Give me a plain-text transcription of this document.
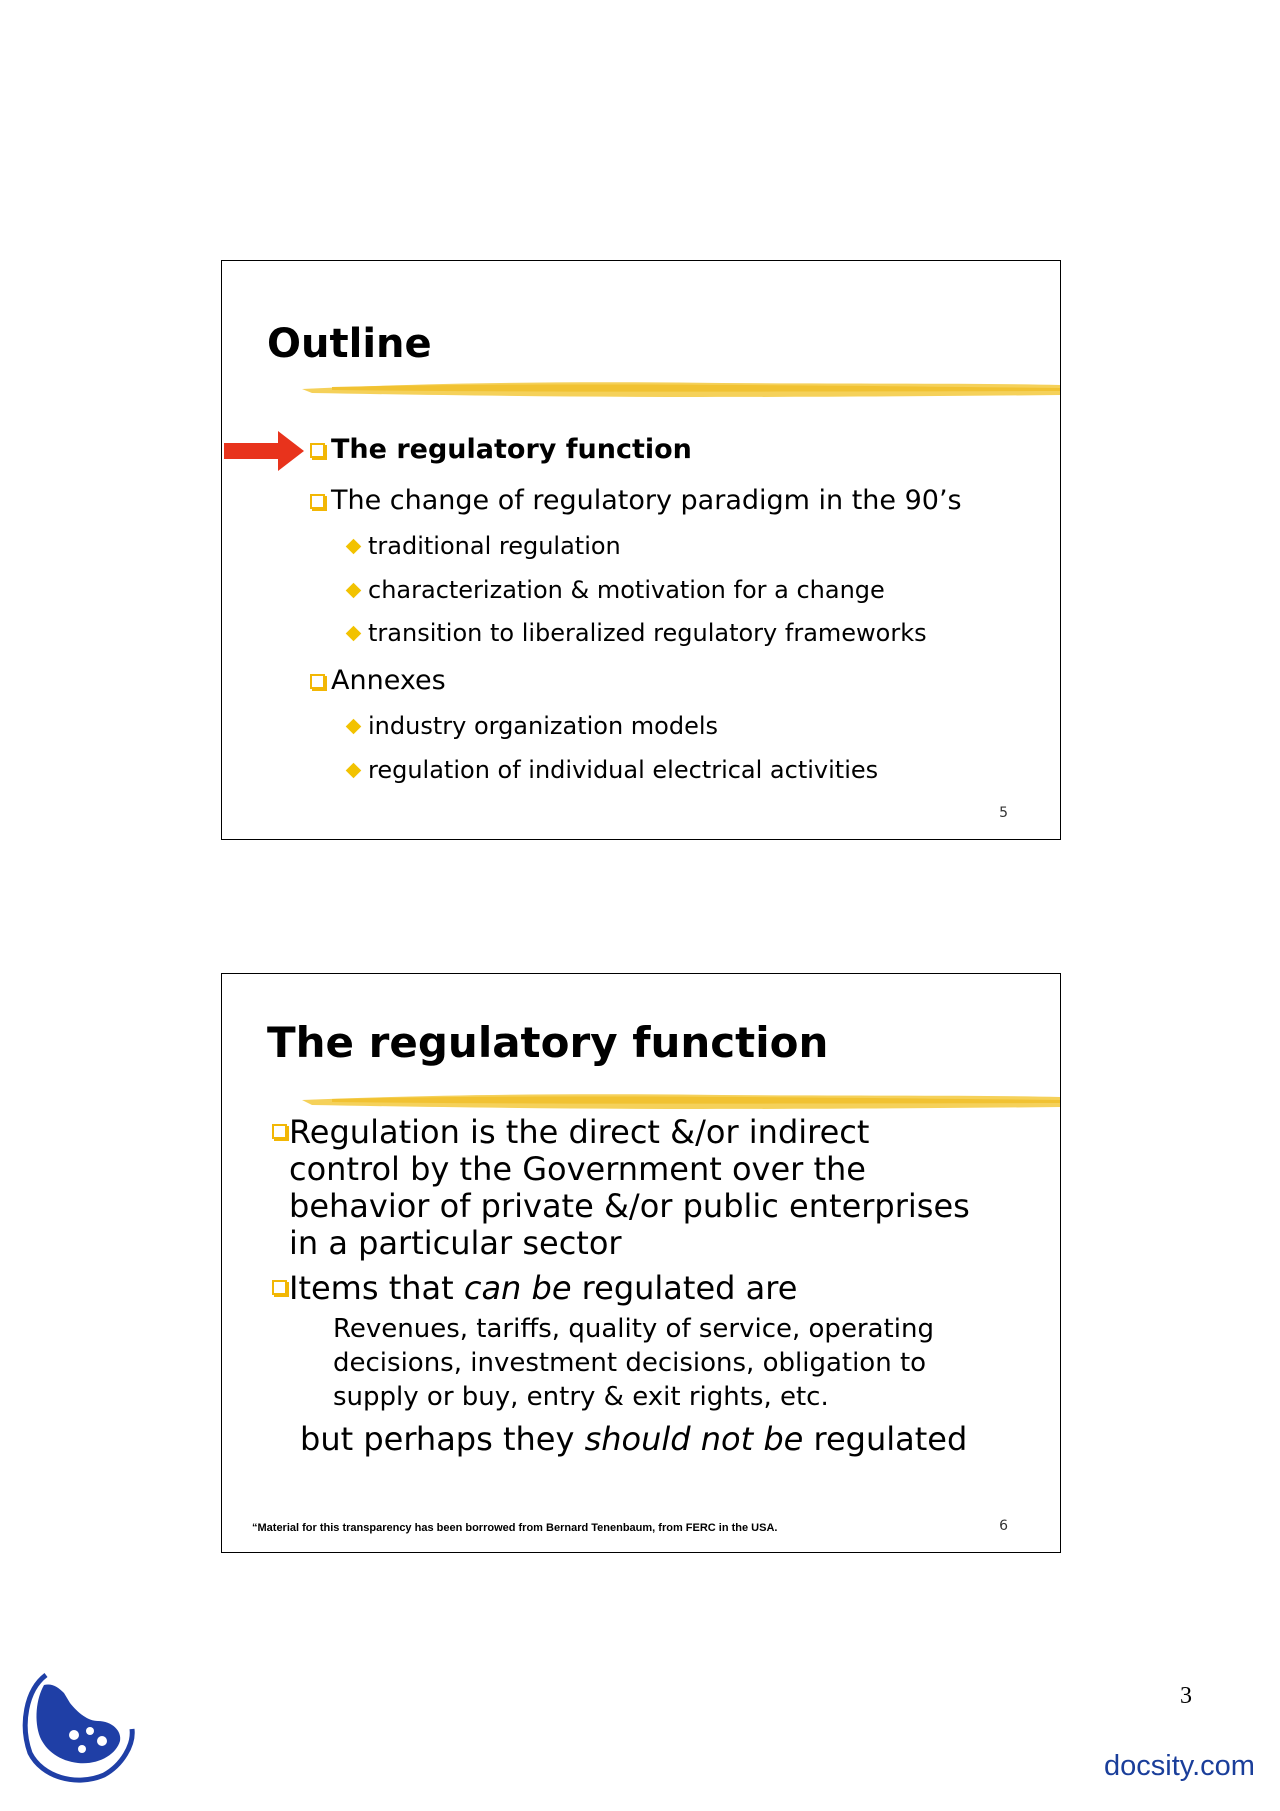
Outline
The regulatory function
The change of regulatory paradigm in the 90’s
traditional regulation
characterization & motivation for a change
transition to liberalized regulatory frameworks
Annexes
industry organization models
regulation of individual electrical activities
5
The regulatory function
Regulation is the direct &/or indirect control by the Government over the behavior of private &/or public enterprises in a particular sector
Items that can be regulated are
Revenues, tariffs, quality of service, operating decisions, investment decisions, obligation to supply or buy, entry & exit rights, etc.
but perhaps they should not be regulated
“Material for this transparency has been borrowed from Bernard Tenenbaum, from FERC in the USA.	6
3
docsity.com
